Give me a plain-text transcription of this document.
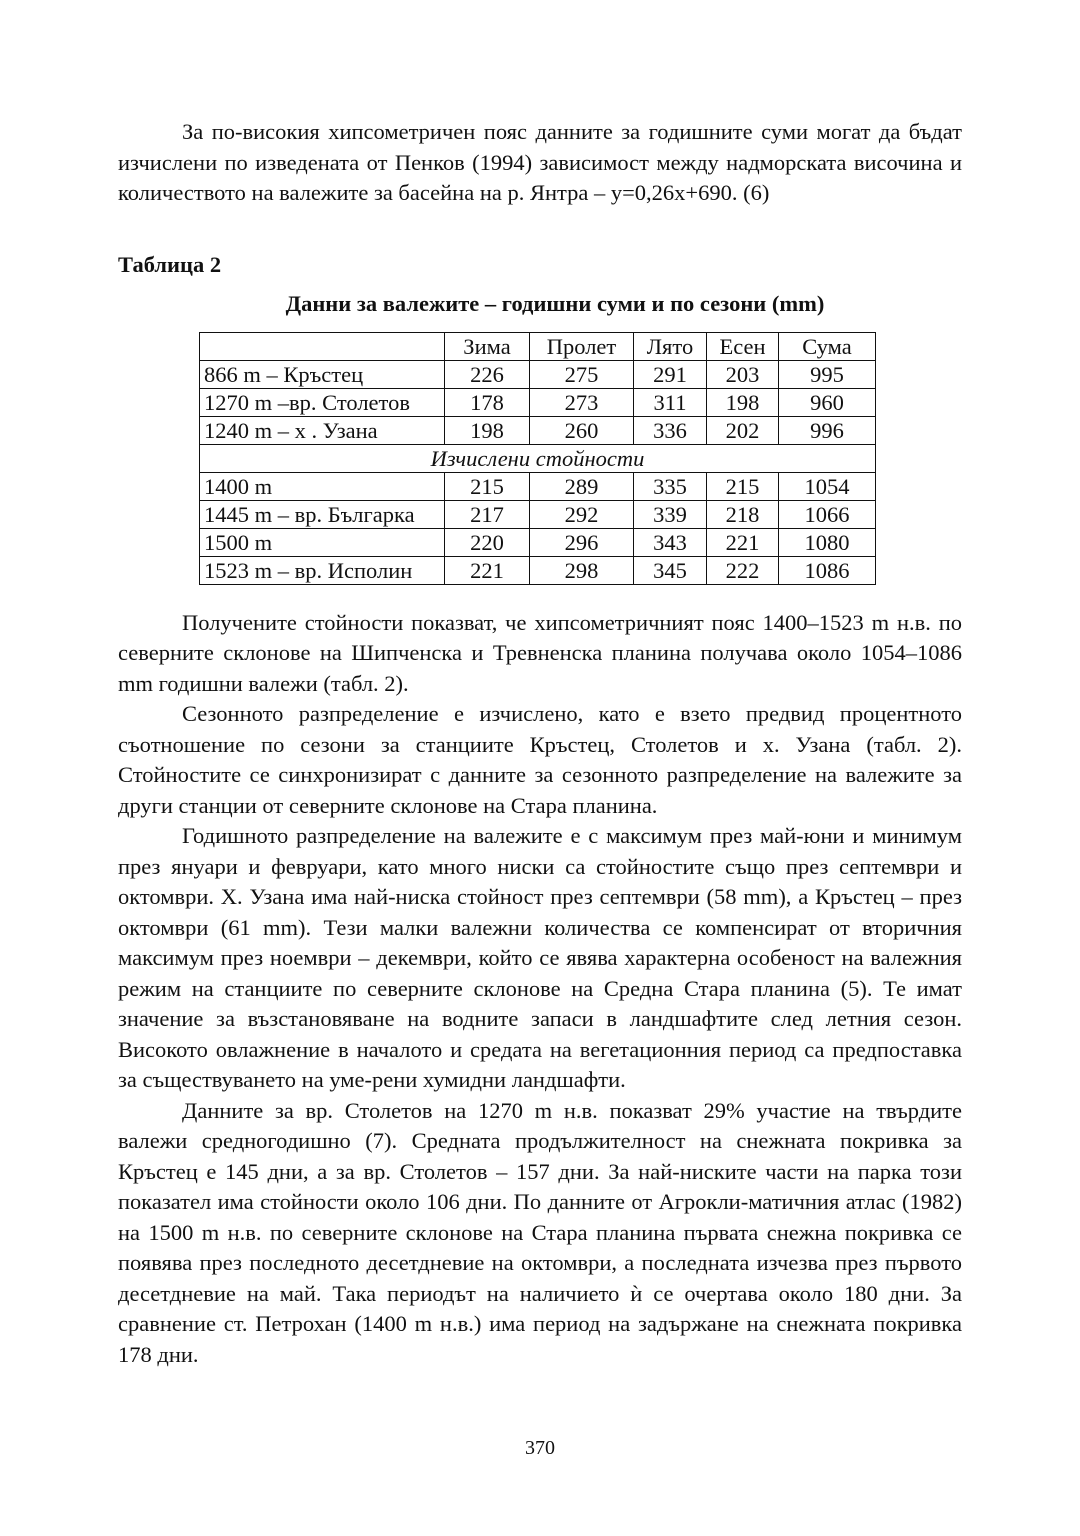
За по-високия хипсометричен пояс данните за годишните суми могат да бъдат изчислени по изведената от Пенков (1994) зависимост между надморската височина и количеството на валежите за басейна на р. Янтра – y=0,26x+690. (6)

Таблица 2
Данни за валежите – годишни суми и по сезони (mm)
	Зима	Пролет	Лято	Есен	Сума
866 m – Кръстец	226	275	291	203	995
1270 m –вр. Столетов	178	273	311	198	960
1240 m – х . Узана	198	260	336	202	996
Изчислени стойности					
1400 m	215	289	335	215	1054
1445 m – вр. Българка	217	292	339	218	1066
1500 m	220	296	343	221	1080
1523 m – вр. Исполин	221	298	345	222	1086

Получените стойности показват, че хипсометричният пояс 1400–1523 m н.в. по северните склонове на Шипченска и Тревненска планина получава около 1054–1086 mm годишни валежи (табл. 2).

Сезонното разпределение е изчислено, като е взето предвид процентното съотношение по сезони за станциите Кръстец, Столетов и х. Узана (табл. 2). Стойностите се синхронизират с данните за сезонното разпределение на валежите за други станции от северните склонове на Стара планина.

Годишното разпределение на валежите е с максимум през май-юни и минимум през януари и февруари, като много ниски са стойностите също през септември и октомври. Х. Узана има най-ниска стойност през септември (58 mm), а Кръстец – през октомври (61 mm). Тези малки валежни количества се компенсират от вторичния максимум през ноември – декември, който се явява характерна особеност на валежния режим на станциите по северните склонове на Средна Стара планина (5). Те имат значение за възстановяване на водните запаси в ландшафтите след летния сезон. Високото овлажнение в началото и средата на вегетационния период са предпоставка за съществуването на уме-рени хумидни ландшафти.

Данните за вр. Столетов на 1270 m н.в. показват 29% участие на твърдите валежи средногодишно (7). Средната продължителност на снежната покривка за Кръстец е 145 дни, а за вр. Столетов – 157 дни. За най-ниските части на парка този показател има стойности около 106 дни. По данните от Агрокли-матичния атлас (1982) на 1500 m н.в. по северните склонове на Стара планина първата снежна покривка се появява през последното десетдневие на октомври, а последната изчезва през първото десетдневие на май. Така периодът на наличието ѝ се очертава около 180 дни. За сравнение ст. Петрохан (1400 m н.в.) има период на задържане на снежната покривка 178 дни.

370
